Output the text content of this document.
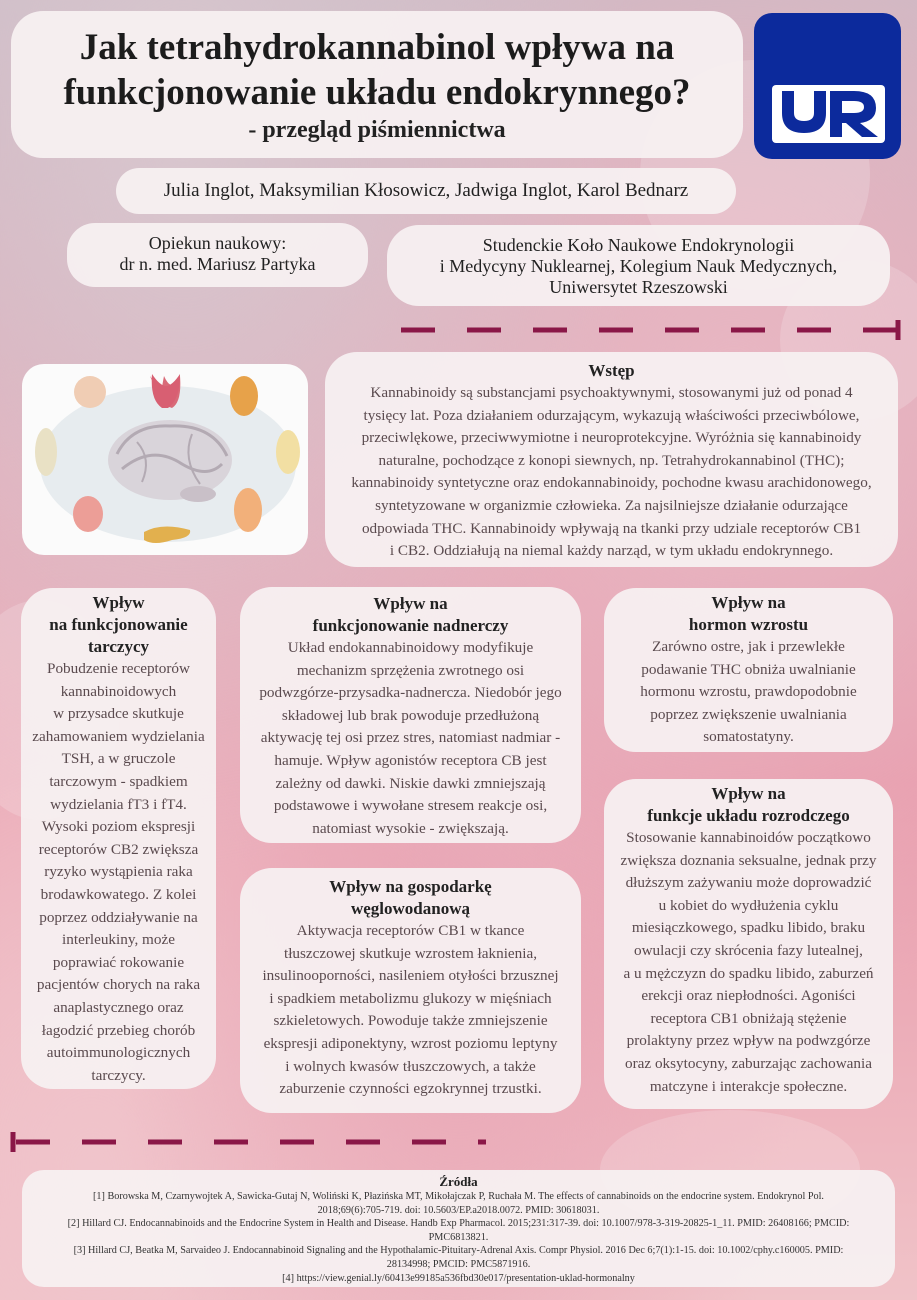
Jak tetrahydrokannabinol wpływa na
funkcjonowanie układu endokrynnego?
- przegląd piśmiennictwa
Julia Inglot, Maksymilian Kłosowicz, Jadwiga Inglot, Karol Bednarz
Opiekun naukowy:
dr n. med. Mariusz Partyka
Studenckie Koło Naukowe Endokrynologii
i Medycyny Nuklearnej, Kolegium Nauk Medycznych,
Uniwersytet Rzeszowski
Wstęp
Kannabinoidy są substancjami psychoaktywnymi, stosowanymi już od ponad 4
tysięcy lat. Poza działaniem odurzającym, wykazują właściwości przeciwbólowe,
przeciwlękowe, przeciwwymiotne i neuroprotekcyjne. Wyróżnia się kannabinoidy
naturalne, pochodzące z konopi siewnych, np. Tetrahydrokannabinol (THC);
kannabinoidy syntetyczne oraz endokannabinoidy, pochodne kwasu arachidonowego,
syntetyzowane w organizmie człowieka. Za najsilniejsze działanie odurzające
odpowiada THC. Kannabinoidy wpływają na tkanki przy udziale receptorów CB1
i CB2. Oddziałują na niemal każdy narząd, w tym układu endokrynnego.
Wpływ
na funkcjonowanie
tarczycy
Pobudzenie receptorów
kannabinoidowych
w przysadce skutkuje
zahamowaniem wydzielania
TSH, a w gruczole
tarczowym - spadkiem
wydzielania fT3 i fT4.
Wysoki poziom ekspresji
receptorów CB2 zwiększa
ryzyko wystąpienia raka
brodawkowatego. Z kolei
poprzez oddziaływanie na
interleukiny, może
poprawiać rokowanie
pacjentów chorych na raka
anaplastycznego oraz
łagodzić przebieg chorób
autoimmunologicznych
tarczycy.
Wpływ na
funkcjonowanie nadnerczy
Układ endokannabinoidowy modyfikuje
mechanizm sprzężenia zwrotnego osi
podwzgórze-przysadka-nadnercza. Niedobór jego
składowej lub brak powoduje przedłużoną
aktywację tej osi przez stres, natomiast nadmiar -
hamuje. Wpływ agonistów receptora CB jest
zależny od dawki. Niskie dawki zmniejszają
podstawowe i wywołane stresem reakcje osi,
natomiast wysokie - zwiększają.
Wpływ na
hormon wzrostu
Zarówno ostre, jak i przewlekłe
podawanie THC obniża uwalnianie
hormonu wzrostu, prawdopodobnie
poprzez zwiększenie uwalniania
somatostatyny.
Wpływ na gospodarkę
węglowodanową
Aktywacja receptorów CB1 w tkance
tłuszczowej skutkuje wzrostem łaknienia,
insulinooporności, nasileniem otyłości brzusznej
i spadkiem metabolizmu glukozy w mięśniach
szkieletowych. Powoduje także zmniejszenie
ekspresji adiponektyny, wzrost poziomu leptyny
i wolnych kwasów tłuszczowych, a także
zaburzenie czynności egzokrynnej trzustki.
Wpływ na
funkcje układu rozrodczego
Stosowanie kannabinoidów początkowo
zwiększa doznania seksualne, jednak przy
dłuższym zażywaniu może doprowadzić
u kobiet do wydłużenia cyklu
miesiączkowego, spadku libido, braku
owulacji czy skrócenia fazy lutealnej,
a u mężczyzn do spadku libido, zaburzeń
erekcji oraz niepłodności. Agoniści
receptora CB1 obniżają stężenie
prolaktyny przez wpływ na podwzgórze
oraz oksytocyny, zaburzając zachowania
matczyne i interakcje społeczne.
Źródła

[1] Borowska M, Czarnywojtek A, Sawicka-Gutaj N, Woliński K, Płazińska MT, Mikołajczak P, Ruchała M. The effects of cannabinoids on the endocrine system. Endokrynol Pol.
2018;69(6):705-719. doi: 10.5603/EP.a2018.0072. PMID: 30618031.

[2] Hillard CJ. Endocannabinoids and the Endocrine System in Health and Disease. Handb Exp Pharmacol. 2015;231:317-39. doi: 10.1007/978-3-319-20825-1_11. PMID: 26408166; PMCID:
PMC6813821.

[3] Hillard CJ, Beatka M, Sarvaideo J. Endocannabinoid Signaling and the Hypothalamic-Pituitary-Adrenal Axis. Compr Physiol. 2016 Dec 6;7(1):1-15. doi: 10.1002/cphy.c160005. PMID:
28134998; PMCID: PMC5871916.

[4] https://view.genial.ly/60413e99185a536fbd30e017/presentation-uklad-hormonalny
